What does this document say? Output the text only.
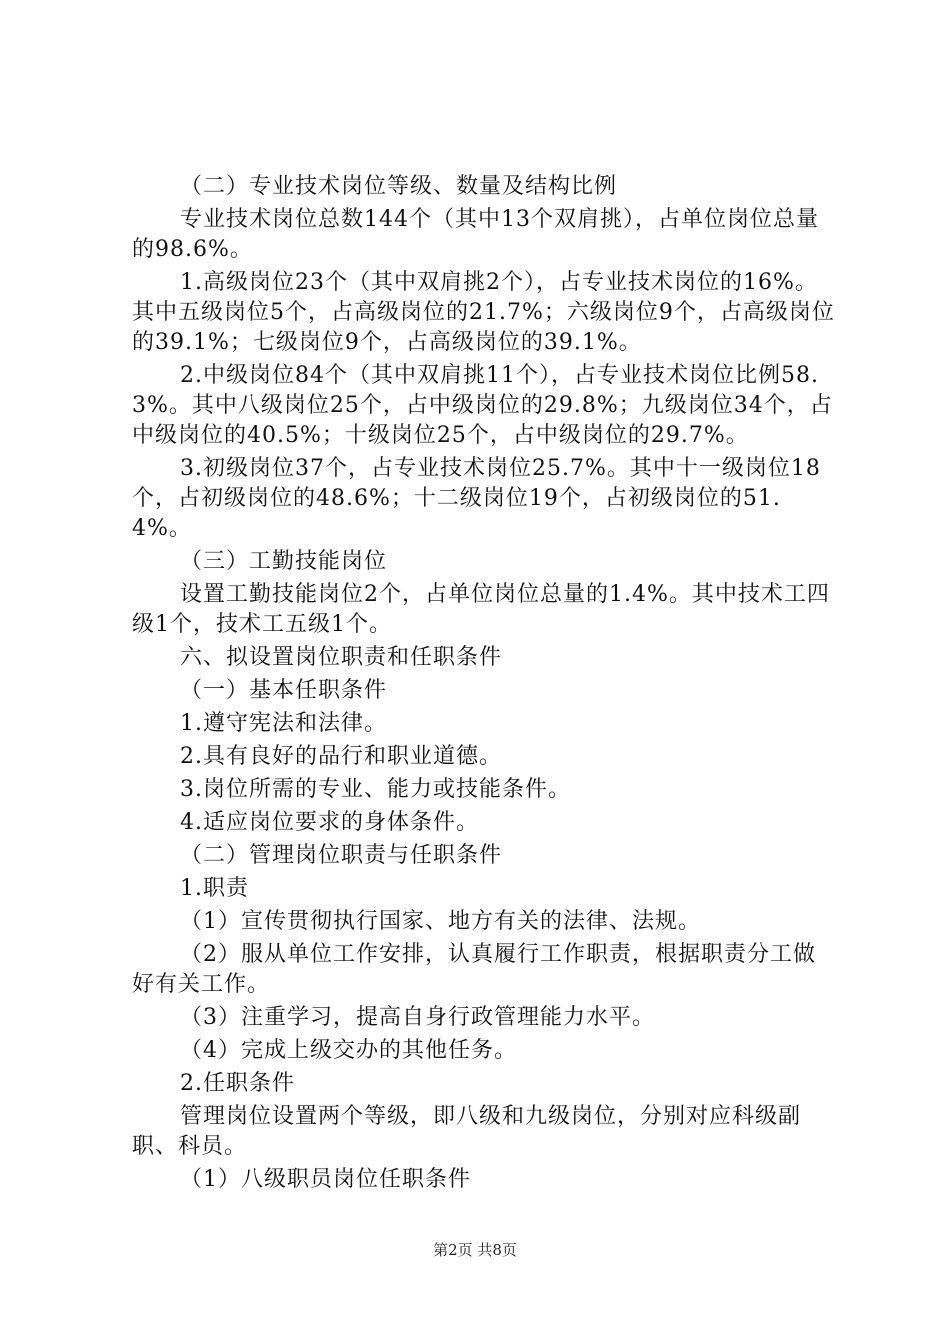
（二）专业技术岗位等级、数量及结构比例

专业技术岗位总数144个（其中13个双肩挑），占单位岗位总量的98.6%。

1.高级岗位23个（其中双肩挑2个），占专业技术岗位的16%。其中五级岗位5个，占高级岗位的21.7%；六级岗位9个，占高级岗位的39.1%；七级岗位9个，占高级岗位的39.1%。

2.中级岗位84个（其中双肩挑11个），占专业技术岗位比例58.3%。其中八级岗位25个，占中级岗位的29.8%；九级岗位34个，占中级岗位的40.5%；十级岗位25个，占中级岗位的29.7%。

3.初级岗位37个，占专业技术岗位25.7%。其中十一级岗位18个，占初级岗位的48.6%；十二级岗位19个，占初级岗位的51.4%。

（三）工勤技能岗位

设置工勤技能岗位2个，占单位岗位总量的1.4%。其中技术工四级1个，技术工五级1个。

六、拟设置岗位职责和任职条件

（一）基本任职条件

1.遵守宪法和法律。

2.具有良好的品行和职业道德。

3.岗位所需的专业、能力或技能条件。

4.适应岗位要求的身体条件。

（二）管理岗位职责与任职条件

1.职责

（1）宣传贯彻执行国家、地方有关的法律、法规。

（2）服从单位工作安排，认真履行工作职责，根据职责分工做好有关工作。

（3）注重学习，提高自身行政管理能力水平。

（4）完成上级交办的其他任务。

2.任职条件

管理岗位设置两个等级，即八级和九级岗位，分别对应科级副职、科员。

（1）八级职员岗位任职条件

第2页 共8页
